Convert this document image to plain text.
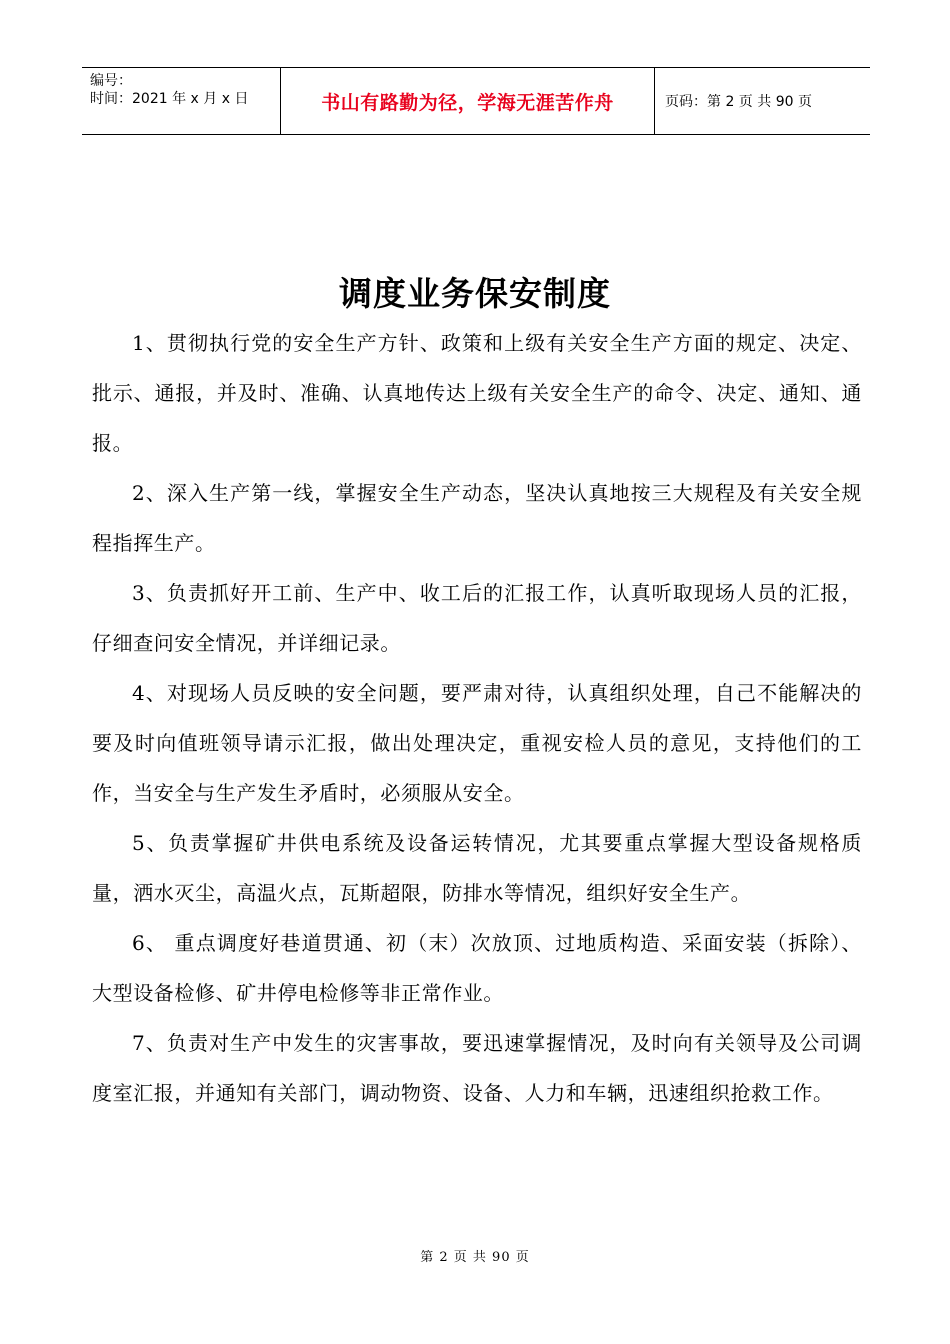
编号：
时间：2021 年 x 月 x 日	书山有路勤为径，学海无涯苦作舟	页码：第 2 页 共 90 页
调度业务保安制度

1、贯彻执行党的安全生产方针、政策和上级有关安全生产方面的规定、决定、批示、通报，并及时、准确、认真地传达上级有关安全生产的命令、决定、通知、通报。

2、深入生产第一线，掌握安全生产动态，坚决认真地按三大规程及有关安全规程指挥生产。

3、负责抓好开工前、生产中、收工后的汇报工作，认真听取现场人员的汇报，仔细查问安全情况，并详细记录。

4、对现场人员反映的安全问题，要严肃对待，认真组织处理，自己不能解决的要及时向值班领导请示汇报，做出处理决定，重视安检人员的意见，支持他们的工作，当安全与生产发生矛盾时，必须服从安全。

5、负责掌握矿井供电系统及设备运转情况，尤其要重点掌握大型设备规格质量，洒水灭尘，高温火点，瓦斯超限，防排水等情况，组织好安全生产。

6、 重点调度好巷道贯通、初（末）次放顶、过地质构造、采面安装（拆除）、大型设备检修、矿井停电检修等非正常作业。

7、负责对生产中发生的灾害事故，要迅速掌握情况，及时向有关领导及公司调度室汇报，并通知有关部门，调动物资、设备、人力和车辆，迅速组织抢救工作。

第 2 页 共 90 页
